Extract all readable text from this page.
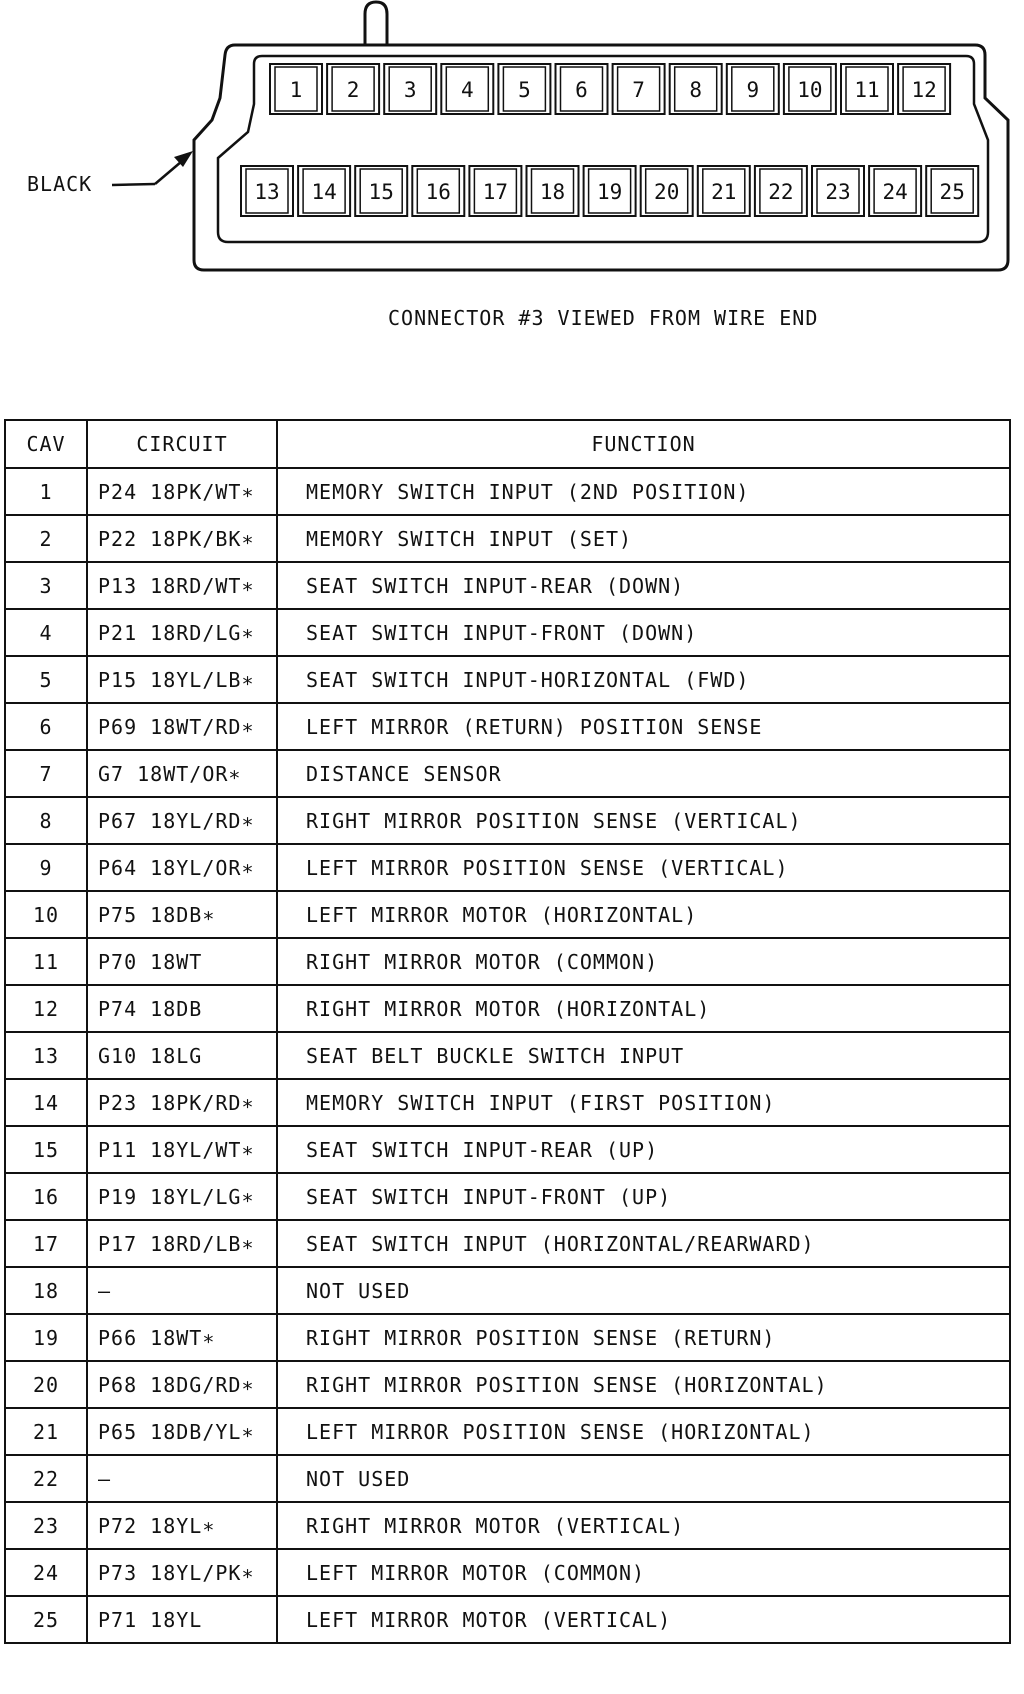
1 2 3 4 5 6 7 8 9 10 11 12
13 14 15 16 17 18 19 20 21 22 23 24 25
BLACK
CONNECTOR #3 VIEWED FROM WIRE END
CAV	CIRCUIT	FUNCTION
1	P24 18PK/WT∗	MEMORY SWITCH INPUT (2ND POSITION)
2	P22 18PK/BK∗	MEMORY SWITCH INPUT (SET)
3	P13 18RD/WT∗	SEAT SWITCH INPUT-REAR (DOWN)
4	P21 18RD/LG∗	SEAT SWITCH INPUT-FRONT (DOWN)
5	P15 18YL/LB∗	SEAT SWITCH INPUT-HORIZONTAL (FWD)
6	P69 18WT/RD∗	LEFT MIRROR (RETURN) POSITION SENSE
7	G7 18WT/OR∗	DISTANCE SENSOR
8	P67 18YL/RD∗	RIGHT MIRROR POSITION SENSE (VERTICAL)
9	P64 18YL/OR∗	LEFT MIRROR POSITION SENSE (VERTICAL)
10	P75 18DB∗	LEFT MIRROR MOTOR (HORIZONTAL)
11	P70 18WT	RIGHT MIRROR MOTOR (COMMON)
12	P74 18DB	RIGHT MIRROR MOTOR (HORIZONTAL)
13	G10 18LG	SEAT BELT BUCKLE SWITCH INPUT
14	P23 18PK/RD∗	MEMORY SWITCH INPUT (FIRST POSITION)
15	P11 18YL/WT∗	SEAT SWITCH INPUT-REAR (UP)
16	P19 18YL/LG∗	SEAT SWITCH INPUT-FRONT (UP)
17	P17 18RD/LB∗	SEAT SWITCH INPUT (HORIZONTAL/REARWARD)
18	—	NOT USED
19	P66 18WT∗	RIGHT MIRROR POSITION SENSE (RETURN)
20	P68 18DG/RD∗	RIGHT MIRROR POSITION SENSE (HORIZONTAL)
21	P65 18DB/YL∗	LEFT MIRROR POSITION SENSE (HORIZONTAL)
22	—	NOT USED
23	P72 18YL∗	RIGHT MIRROR MOTOR (VERTICAL)
24	P73 18YL/PK∗	LEFT MIRROR MOTOR (COMMON)
25	P71 18YL	LEFT MIRROR MOTOR (VERTICAL)
